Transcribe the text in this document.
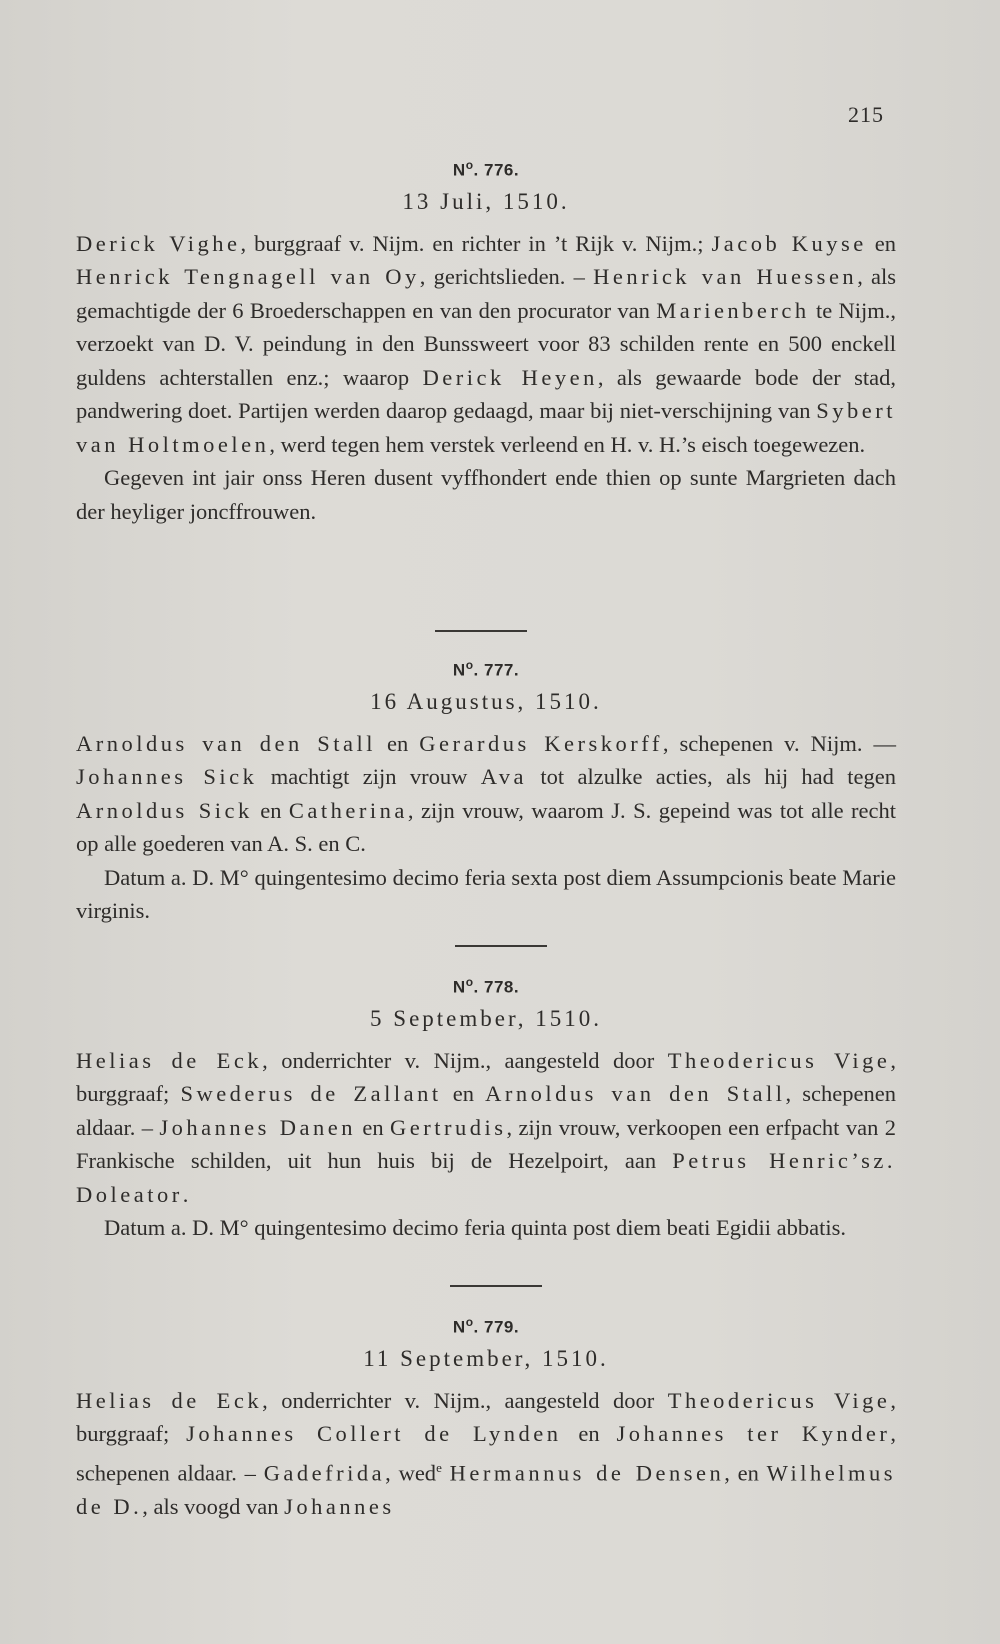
215
$N^o$. 776.
13 Juli, 1510.

Derick Vighe, burggraaf v. Nijm. en richter in ’t Rijk v. Nijm.; Jacob Kuyse en Henrick Tengnagell van Oy, gerichtslieden. – Henrick van Huessen, als gemachtigde der 6 Broederschappen en van den procurator van Marienberch te Nijm., verzoekt van D. V. peindung in den Bunssweert voor 83 schilden rente en 500 enckell guldens achterstallen enz.; waarop Derick Heyen, als gewaarde bode der stad, pandwering doet. Partijen werden daarop gedaagd, maar bij niet-verschijning van Sybert van Holtmoelen, werd tegen hem verstek verleend en H. v. H.’s eisch toegewezen.

Gegeven int jair onss Heren dusent vyffhondert ende thien op sunte Margrieten dach der heyliger joncffrouwen.

$N^o$. 777.
16 Augustus, 1510.

Arnoldus van den Stall en Gerardus Kerskorff, schepenen v. Nijm. — Johannes Sick machtigt zijn vrouw Ava tot alzulke acties, als hij had tegen Arnoldus Sick en Catherina, zijn vrouw, waarom J. S. gepeind was tot alle recht op alle goederen van A. S. en C.

Datum a. D. M° quingentesimo decimo feria sexta post diem Assumpcionis beate Marie virginis.

$N^o$. 778.
5 September, 1510.

Helias de Eck, onderrichter v. Nijm., aangesteld door Theodericus Vige, burggraaf; Swederus de Zallant en Arnoldus van den Stall, schepenen aldaar. – Johannes Danen en Gertrudis, zijn vrouw, verkoopen een erfpacht van 2 Frankische schilden, uit hun huis bij de Hezelpoirt, aan Petrus Henric’sz. Doleator.

Datum a. D. M° quingentesimo decimo feria quinta post diem beati Egidii abbatis.

$N^o$. 779.
11 September, 1510.

Helias de Eck, onderrichter v. Nijm., aangesteld door Theodericus Vige, burggraaf; Johannes Collert de Lynden en Johannes ter Kynder, schepenen aldaar. – Gadefrida, wed$^e$ Hermannus de Densen, en Wilhelmus de D., als voogd van Johannes
